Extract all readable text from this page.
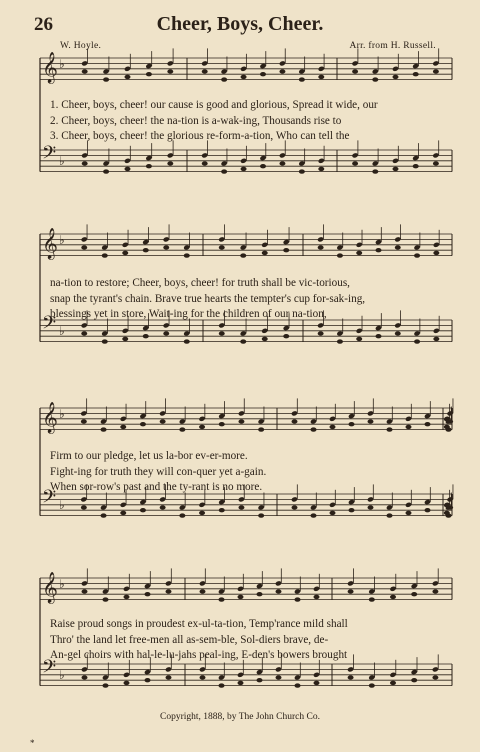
26	Cheer, Boys, Cheer.
W. Hoyle.	Arr. from H. Russell.
𝄞 ♭
𝄢 ♭
𝄞 ♭
𝄢 ♭
𝄞 ♭
𝄢 ♭
𝄞 ♭
𝄢 ♭
1. Cheer, boys, cheer! our cause is good and glorious, Spread it wide, our
2. Cheer, boys, cheer! the na-tion is a-wak-ing, Thousands rise to
3. Cheer, boys, cheer! the glorious re-form-a-tion, Who can tell the
na-tion to restore; Cheer, boys, cheer! for truth shall be vic-torious,
snap the tyrant's chain. Brave true hearts the tempter's cup for-sak-ing,
blessings yet in store, Wait-ing for the children of our na-tion,
Firm to our pledge, let us la-bor ev-er-more.
Fight-ing for truth they will con-quer yet a-gain.
When sor-row's past and the ty-rant is no more.
Raise proud songs in proudest ex-ul-ta-tion, Temp'rance mild shall
Thro' the land let free-men all as-sem-ble, Sol-diers brave, de-
An-gel choirs with hal-le-lu-jahs peal-ing, E-den's bowers brought
Copyright, 1888, by The John Church Co.
*
